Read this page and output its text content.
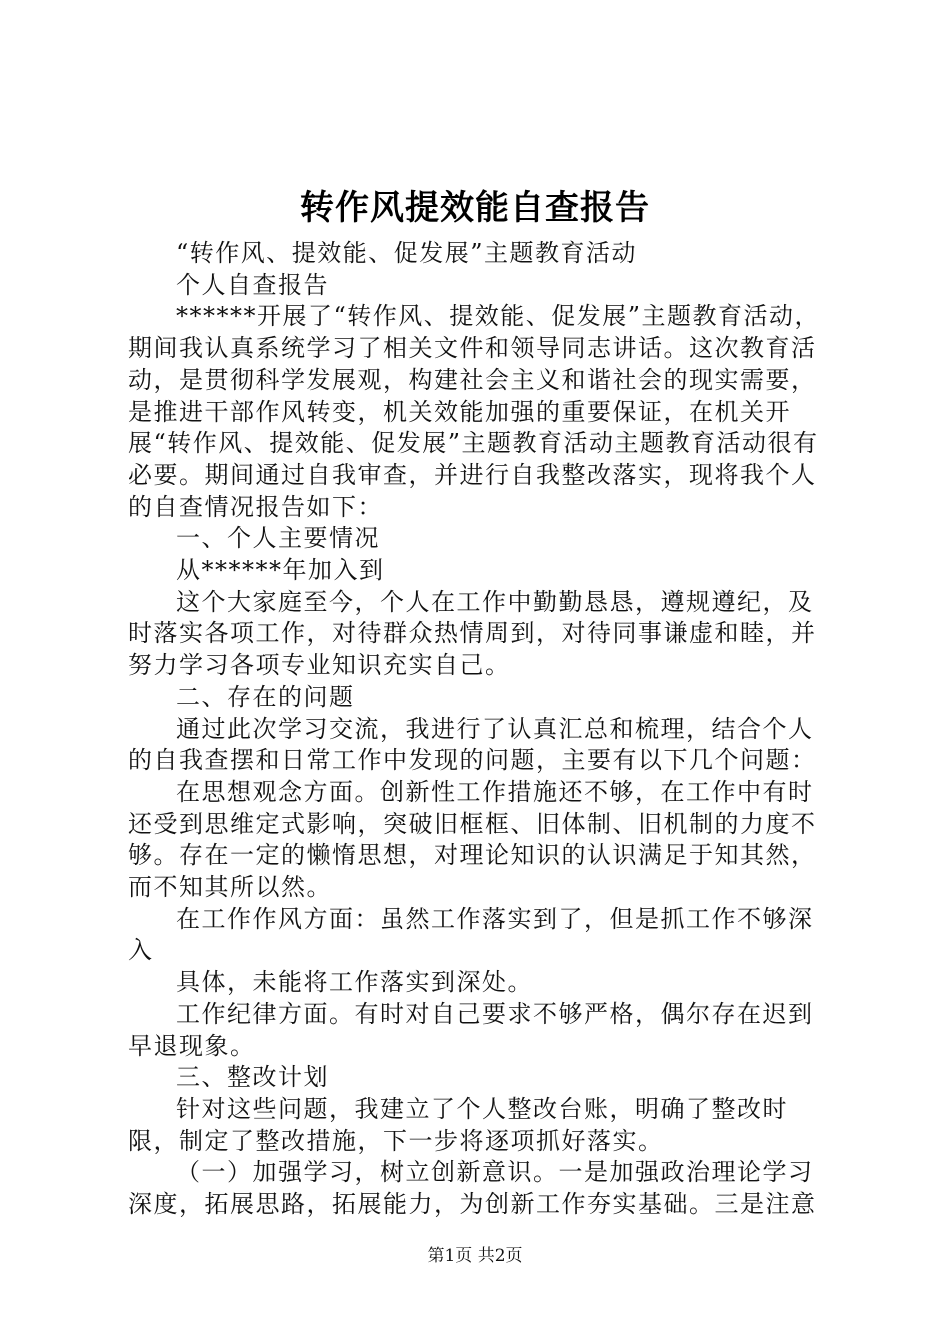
转作风提效能自查报告

“转作风、提效能、促发展”主题教育活动

个人自查报告

******开展了“转作风、提效能、促发展”主题教育活动，期间我认真系统学习了相关文件和领导同志讲话。这次教育活动，是贯彻科学发展观，构建社会主义和谐社会的现实需要，是推进干部作风转变，机关效能加强的重要保证，在机关开展“转作风、提效能、促发展”主题教育活动主题教育活动很有必要。期间通过自我审查，并进行自我整改落实，现将我个人的自查情况报告如下：

一、个人主要情况

从******年加入到

这个大家庭至今，个人在工作中勤勤恳恳，遵规遵纪，及时落实各项工作，对待群众热情周到，对待同事谦虚和睦，并努力学习各项专业知识充实自己。

二、存在的问题

通过此次学习交流，我进行了认真汇总和梳理，结合个人的自我查摆和日常工作中发现的问题，主要有以下几个问题：

在思想观念方面。创新性工作措施还不够，在工作中有时还受到思维定式影响，突破旧框框、旧体制、旧机制的力度不够。存在一定的懒惰思想，对理论知识的认识满足于知其然，而不知其所以然。

在工作作风方面：虽然工作落实到了，但是抓工作不够深入

具体，未能将工作落实到深处。

工作纪律方面。有时对自己要求不够严格，偶尔存在迟到早退现象。

三、整改计划

针对这些问题，我建立了个人整改台账，明确了整改时限，制定了整改措施，下一步将逐项抓好落实。

（一）加强学习，树立创新意识。一是加强政治理论学习深度，拓展思路，拓展能力，为创新工作夯实基础。三是注意

第1页 共2页
